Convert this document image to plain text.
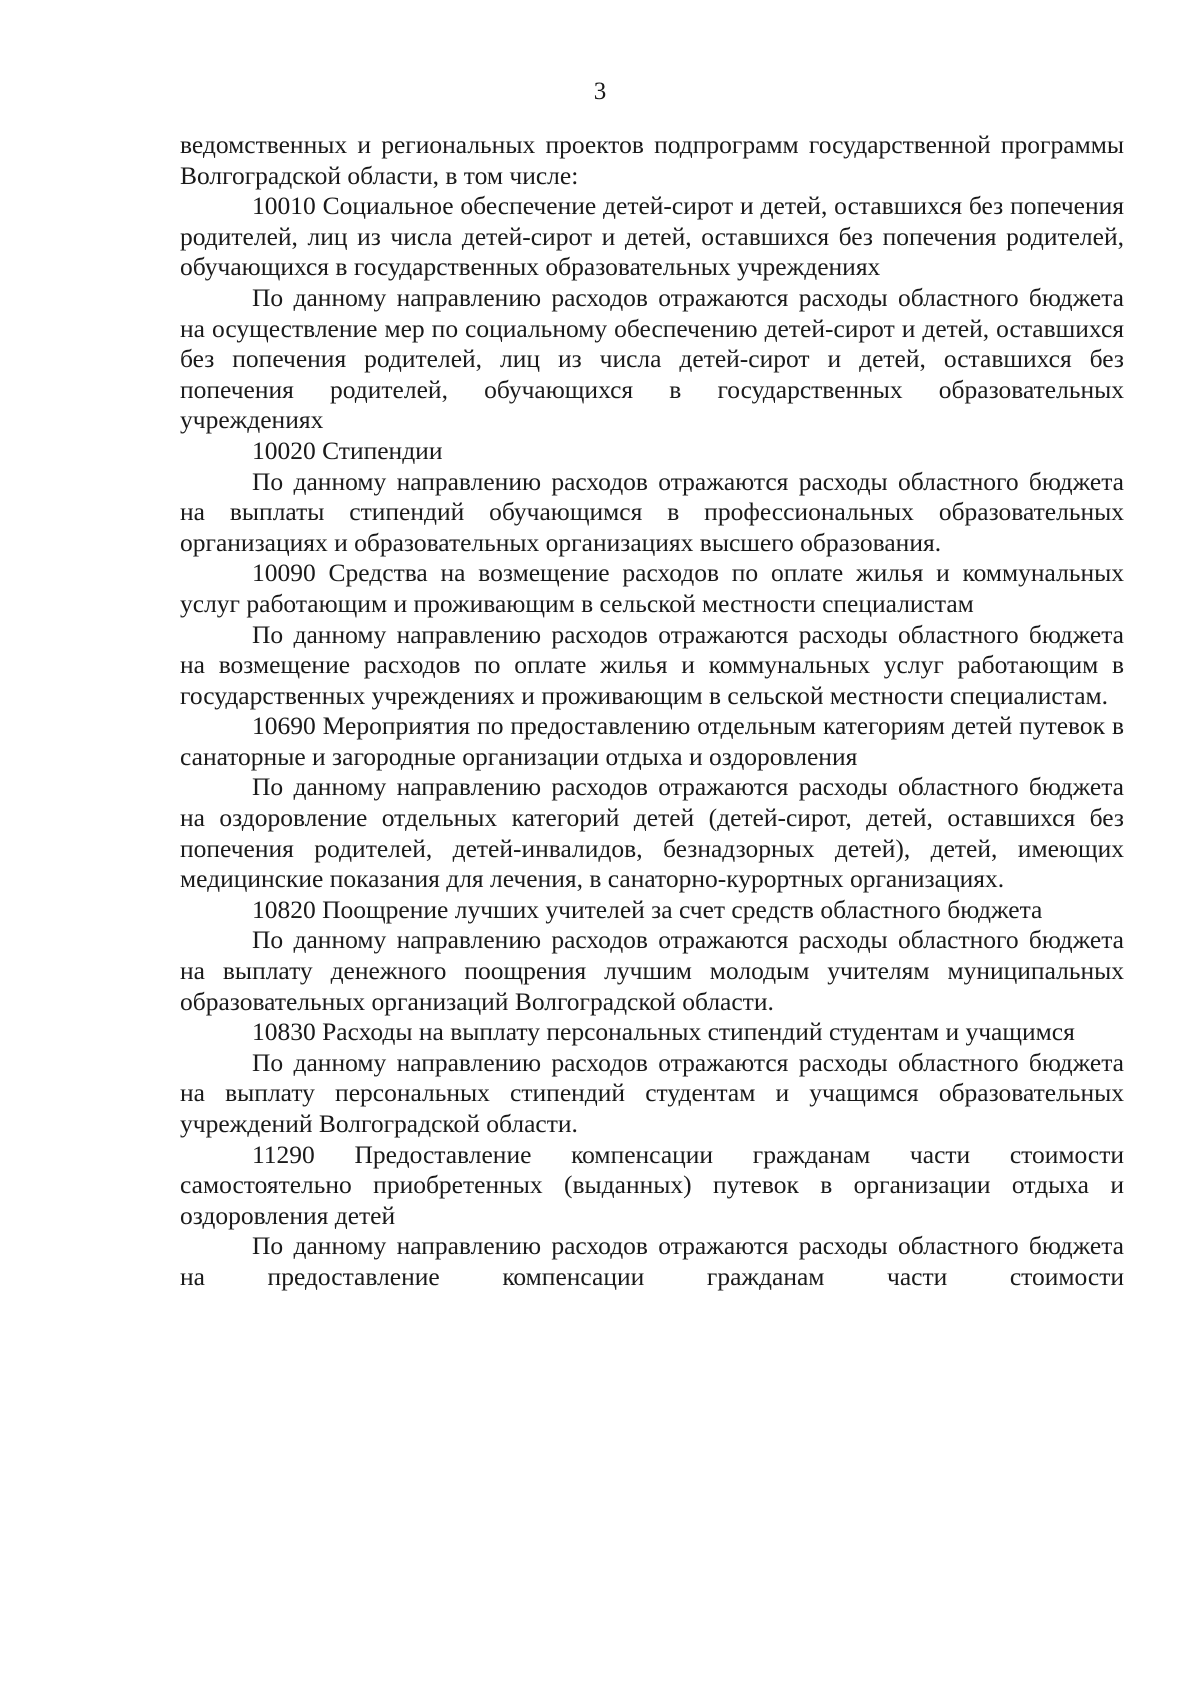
3

ведомственных и региональных проектов подпрограмм государственной программы Волгоградской области, в том числе:

10010 Социальное обеспечение детей-сирот и детей, оставшихся без попечения родителей, лиц из числа детей-сирот и детей, оставшихся без попечения родителей, обучающихся в государственных образовательных учреждениях

По данному направлению расходов отражаются расходы областного бюджета на осуществление мер по социальному обеспечению детей-сирот и детей, оставшихся без попечения родителей, лиц из числа детей-сирот и детей, оставшихся без попечения родителей, обучающихся в государственных образовательных учреждениях

10020 Стипендии

По данному направлению расходов отражаются расходы областного бюджета на выплаты стипендий обучающимся в профессиональных образовательных организациях и образовательных организациях высшего образования.

10090 Средства на возмещение расходов по оплате жилья и коммунальных услуг работающим и проживающим в сельской местности специалистам

По данному направлению расходов отражаются расходы областного бюджета на возмещение расходов по оплате жилья и коммунальных услуг работающим в государственных учреждениях и проживающим в сельской местности специалистам.

10690 Мероприятия по предоставлению отдельным категориям детей путевок в санаторные и загородные организации отдыха и оздоровления

По данному направлению расходов отражаются расходы областного бюджета на оздоровление отдельных категорий детей (детей-сирот, детей, оставшихся без попечения родителей, детей-инвалидов, безнадзорных детей), детей, имеющих медицинские показания для лечения, в санаторно-курортных организациях.

10820 Поощрение лучших учителей за счет средств областного бюджета

По данному направлению расходов отражаются расходы областного бюджета на выплату денежного поощрения лучшим молодым учителям муниципальных образовательных организаций Волгоградской области.

10830 Расходы на выплату персональных стипендий студентам и учащимся

По данному направлению расходов отражаются расходы областного бюджета на выплату персональных стипендий студентам и учащимся образовательных учреждений Волгоградской области.

11290 Предоставление компенсации гражданам части стоимости самостоятельно приобретенных (выданных) путевок в организации отдыха и оздоровления детей

По данному направлению расходов отражаются расходы областного бюджета на предоставление компенсации гражданам части стоимости
